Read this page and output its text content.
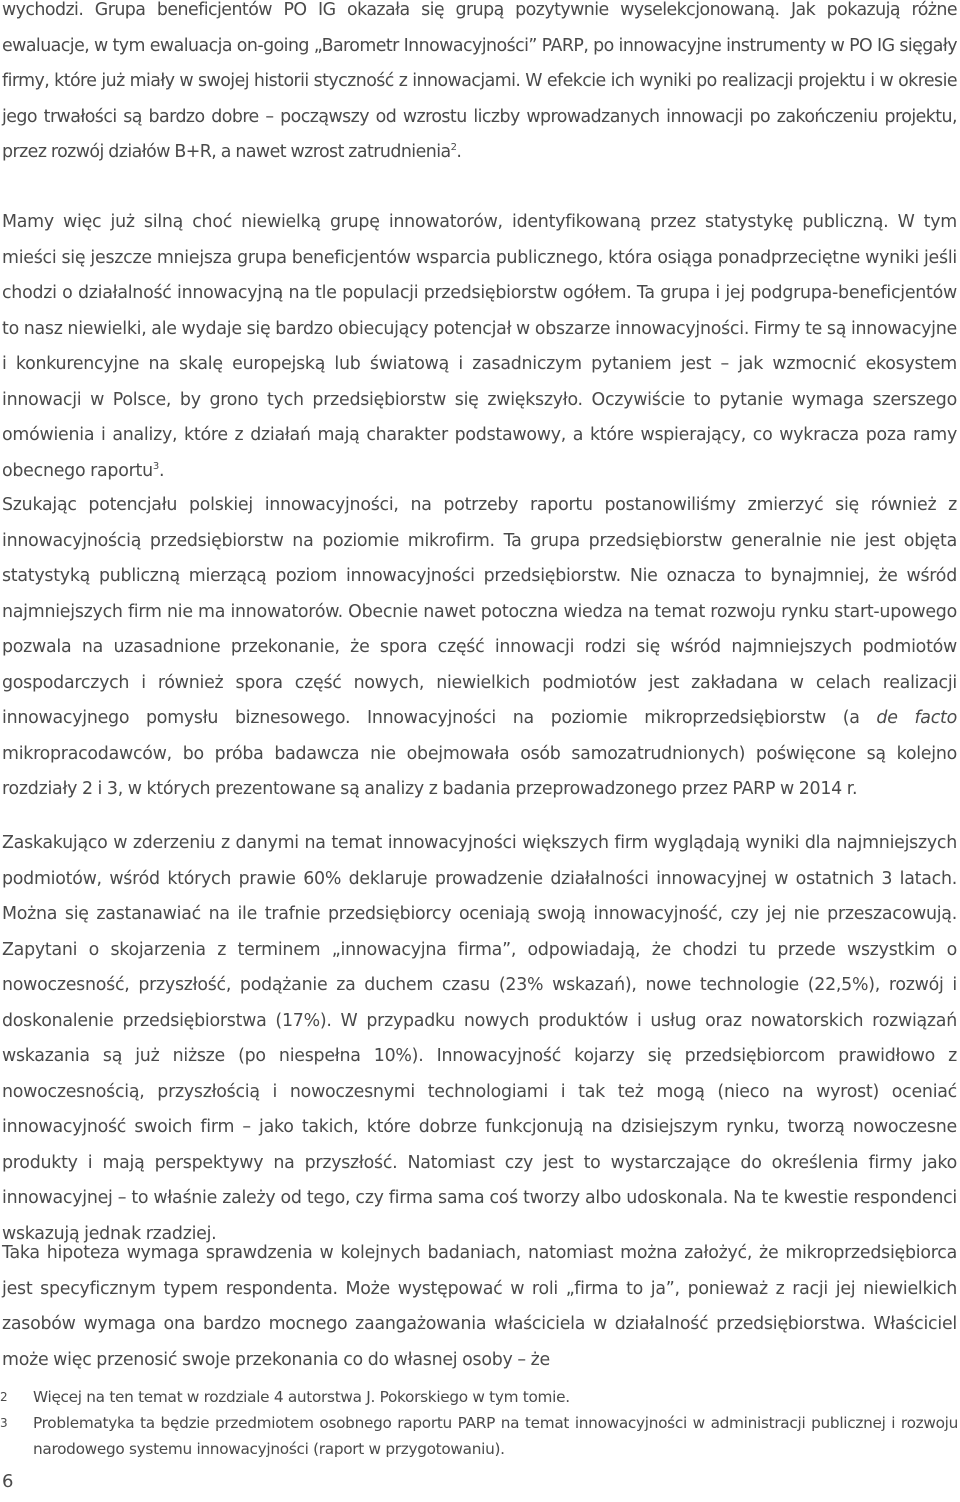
wychodzi. Grupa beneficjentów PO IG okazała się grupą pozytywnie wyselekcjonowaną. Jak pokazują różne ewaluacje, w tym ewaluacja on-going „Barometr Innowacyjności” PARP, po innowacyjne instrumenty w PO IG sięgały firmy, które już miały w swojej historii styczność z innowacjami. W efekcie ich wyniki po realizacji projektu i w okresie jego trwałości są bardzo dobre – począwszy od wzrostu liczby wprowadzanych innowacji po zakończeniu projektu, przez rozwój działów B+R, a nawet wzrost zatrudnienia$^2$.

Mamy więc już silną choć niewielką grupę innowatorów, identyfikowaną przez statystykę publiczną. W tym mieści się jeszcze mniejsza grupa beneficjentów wsparcia publicznego, która osiąga ponadprzeciętne wyniki jeśli chodzi o działalność innowacyjną na tle populacji przedsiębiorstw ogółem. Ta grupa i jej podgrupa-beneficjentów to nasz niewielki, ale wydaje się bardzo obiecujący potencjał w obszarze innowacyjności. Firmy te są innowacyjne i konkurencyjne na skalę europejską lub światową i zasadniczym pytaniem jest – jak wzmocnić ekosystem innowacji w Polsce, by grono tych przedsiębiorstw się zwiększyło. Oczywiście to pytanie wymaga szerszego omówienia i analizy, które z działań mają charakter podstawowy, a które wspierający, co wykracza poza ramy obecnego raportu$^3$.

Szukając potencjału polskiej innowacyjności, na potrzeby raportu postanowiliśmy zmierzyć się również z innowacyjnością przedsiębiorstw na poziomie mikrofirm. Ta grupa przedsiębiorstw generalnie nie jest objęta statystyką publiczną mierzącą poziom innowacyjności przedsiębiorstw. Nie oznacza to bynajmniej, że wśród najmniejszych firm nie ma innowatorów. Obecnie nawet potoczna wiedza na temat rozwoju rynku start-upowego pozwala na uzasadnione przekonanie, że spora część innowacji rodzi się wśród najmniejszych podmiotów gospodarczych i również spora część nowych, niewielkich podmiotów jest zakładana w celach realizacji innowacyjnego pomysłu biznesowego. Innowacyjności na poziomie mikroprzedsiębiorstw (a de facto mikropracodawców, bo próba badawcza nie obejmowała osób samozatrudnionych) poświęcone są kolejno rozdziały 2 i 3, w których prezentowane są analizy z badania przeprowadzonego przez PARP w 2014 r.

Zaskakująco w zderzeniu z danymi na temat innowacyjności większych firm wyglądają wyniki dla najmniejszych podmiotów, wśród których prawie 60% deklaruje prowadzenie działalności innowacyjnej w ostatnich 3 latach. Można się zastanawiać na ile trafnie przedsiębiorcy oceniają swoją innowacyjność, czy jej nie przeszacowują. Zapytani o skojarzenia z terminem „innowacyjna firma”, odpowiadają, że chodzi tu przede wszystkim o nowoczesność, przyszłość, podążanie za duchem czasu (23% wskazań), nowe technologie (22,5%), rozwój i doskonalenie przedsiębiorstwa (17%). W przypadku nowych produktów i usług oraz nowatorskich rozwiązań wskazania są już niższe (po niespełna 10%). Innowacyjność kojarzy się przedsiębiorcom prawidłowo z nowoczesnością, przyszłością i nowoczesnymi technologiami i tak też mogą (nieco na wyrost) oceniać innowacyjność swoich firm – jako takich, które dobrze funkcjonują na dzisiejszym rynku, tworzą nowoczesne produkty i mają perspektywy na przyszłość. Natomiast czy jest to wystarczające do określenia firmy jako innowacyjnej – to właśnie zależy od tego, czy firma sama coś tworzy albo udoskonala. Na te kwestie respondenci wskazują jednak rzadziej.

Taka hipoteza wymaga sprawdzenia w kolejnych badaniach, natomiast można założyć, że mikroprzedsiębiorca jest specyficznym typem respondenta. Może występować w roli „firma to ja”, ponieważ z racji jej niewielkich zasobów wymaga ona bardzo mocnego zaangażowania właściciela w działalność przedsiębiorstwa. Właściciel może więc przenosić swoje przekonania co do własnej osoby – że

2 Więcej na ten temat w rozdziale 4 autorstwa J. Pokorskiego w tym tomie.
3 Problematyka ta będzie przedmiotem osobnego raportu PARP na temat innowacyjności w administracji publicznej i rozwoju narodowego systemu innowacyjności (raport w przygotowaniu).
6
